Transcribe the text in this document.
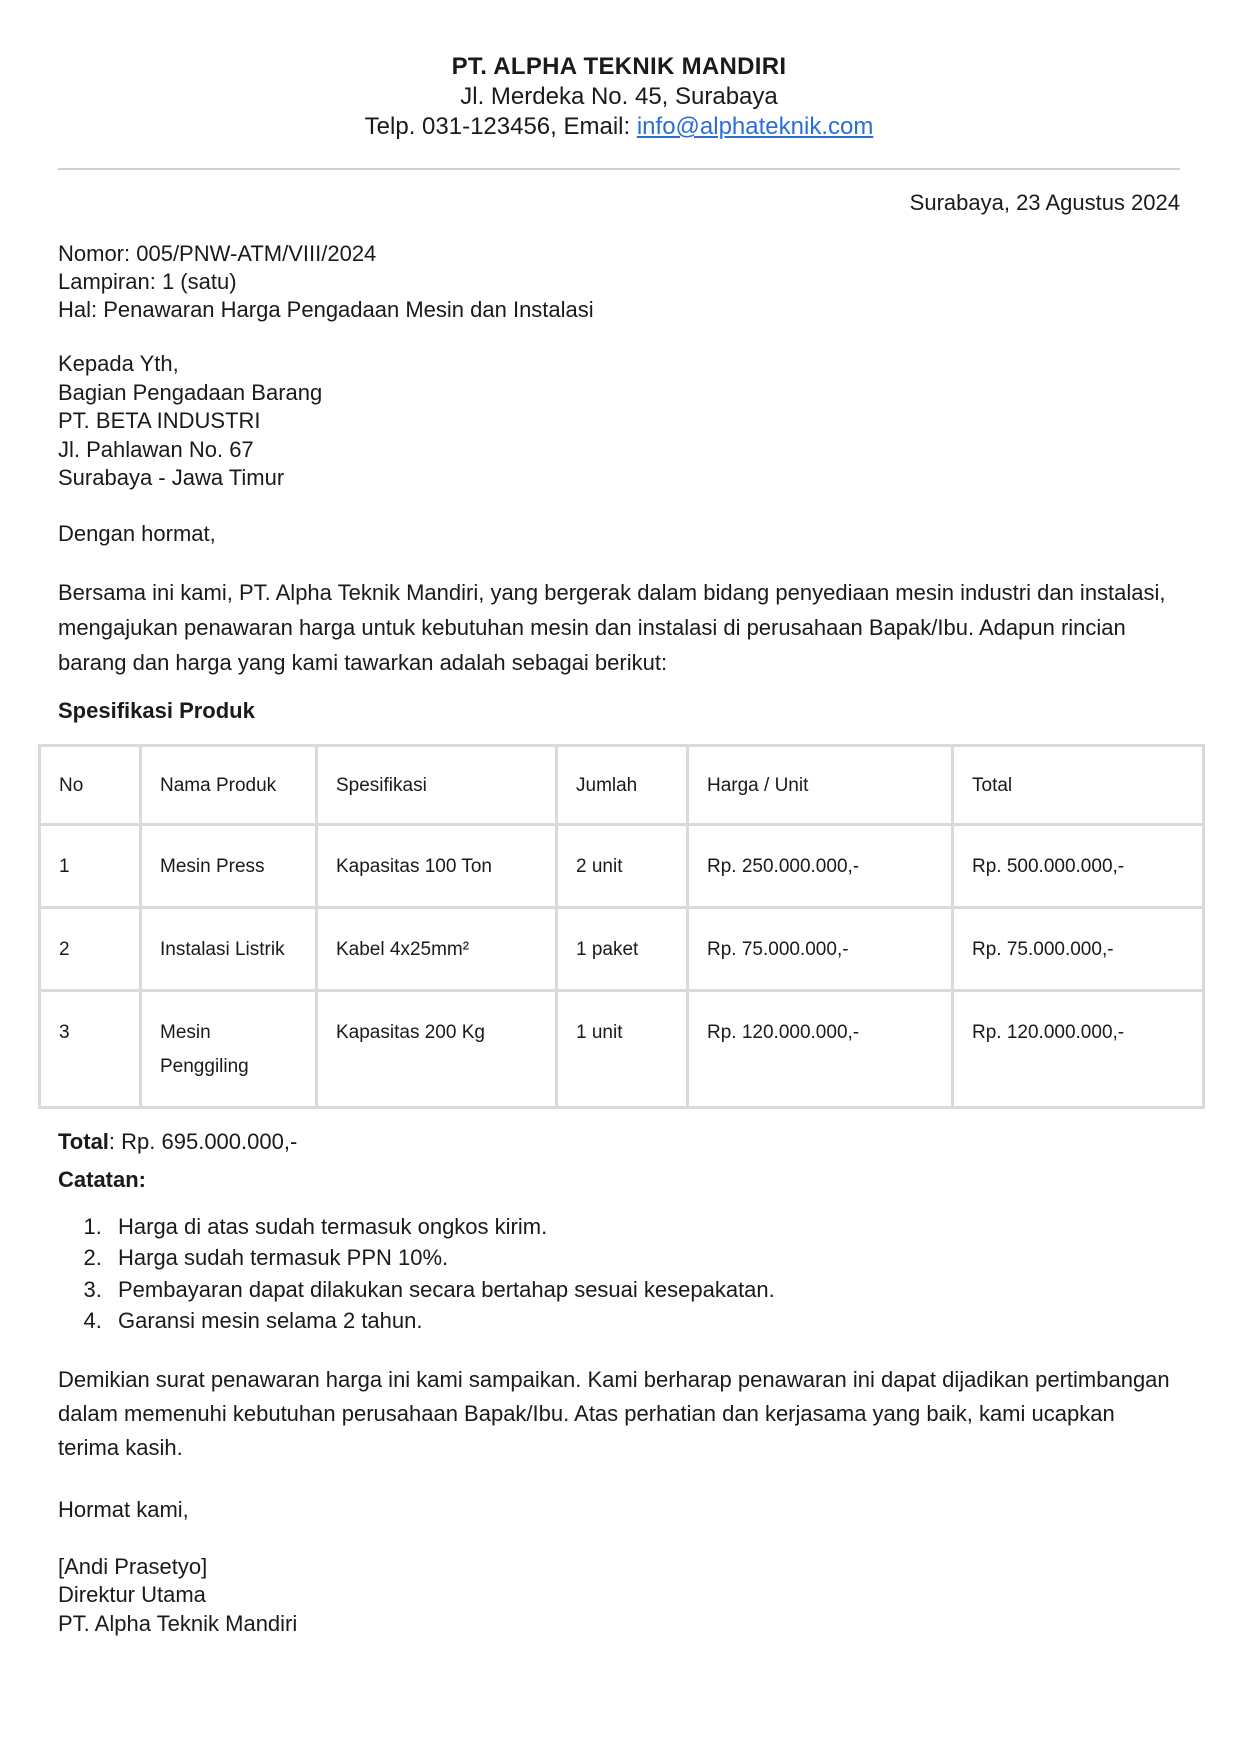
PT. ALPHA TEKNIK MANDIRI
Jl. Merdeka No. 45, Surabaya
Telp. 031-123456, Email: info@alphateknik.com
Surabaya, 23 Agustus 2024
Nomor: 005/PNW-ATM/VIII/2024
Lampiran: 1 (satu)
Hal: Penawaran Harga Pengadaan Mesin dan Instalasi
Kepada Yth,
Bagian Pengadaan Barang
PT. BETA INDUSTRI
Jl. Pahlawan No. 67
Surabaya - Jawa Timur
Dengan hormat,
Bersama ini kami, PT. Alpha Teknik Mandiri, yang bergerak dalam bidang penyediaan mesin industri dan instalasi, mengajukan penawaran harga untuk kebutuhan mesin dan instalasi di perusahaan Bapak/Ibu. Adapun rincian barang dan harga yang kami tawarkan adalah sebagai berikut:
Spesifikasi Produk
No	Nama Produk	Spesifikasi	Jumlah	Harga / Unit	Total
1	Mesin Press	Kapasitas 100 Ton	2 unit	Rp. 250.000.000,-	Rp. 500.000.000,-
2	Instalasi Listrik	Kabel 4x25mm²	1 paket	Rp. 75.000.000,-	Rp. 75.000.000,-
3	Mesin Penggiling	Kapasitas 200 Kg	1 unit	Rp. 120.000.000,-	Rp. 120.000.000,-
Total: Rp. 695.000.000,-
Catatan:
1. Harga di atas sudah termasuk ongkos kirim.
2. Harga sudah termasuk PPN 10%.
3. Pembayaran dapat dilakukan secara bertahap sesuai kesepakatan.
4. Garansi mesin selama 2 tahun.
Demikian surat penawaran harga ini kami sampaikan. Kami berharap penawaran ini dapat dijadikan pertimbangan dalam memenuhi kebutuhan perusahaan Bapak/Ibu. Atas perhatian dan kerjasama yang baik, kami ucapkan terima kasih.
Hormat kami,
[Andi Prasetyo]
Direktur Utama
PT. Alpha Teknik Mandiri
